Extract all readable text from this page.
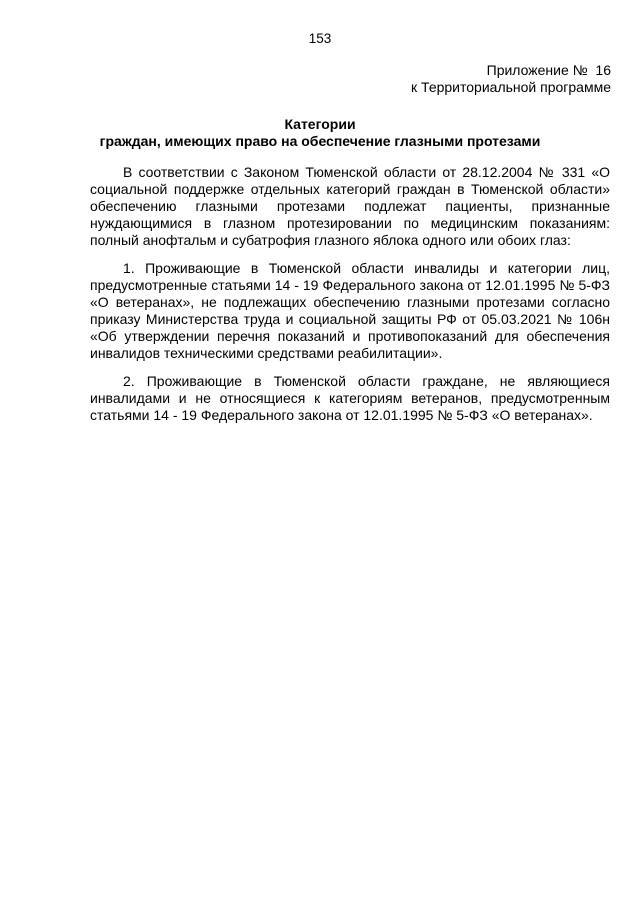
153
Приложение №  16
к Территориальной программе
Категории
граждан, имеющих право на обеспечение глазными протезами

В соответствии с Законом Тюменской области от 28.12.2004 № 331 «О социальной поддержке отдельных категорий граждан в Тюменской области» обеспечению глазными протезами подлежат пациенты, признанные нуждающимися в глазном протезировании по медицинским показаниям: полный анофтальм и субатрофия глазного яблока одного или обоих глаз:

1. Проживающие в Тюменской области инвалиды и категории лиц, предусмотренные статьями 14 - 19 Федерального закона от 12.01.1995 № 5-ФЗ «О ветеранах», не подлежащих обеспечению глазными протезами согласно приказу Министерства труда и социальной защиты РФ от 05.03.2021 № 106н «Об утверждении перечня показаний и противопоказаний для обеспечения инвалидов техническими средствами реабилитации».

2. Проживающие в Тюменской области граждане, не являющиеся инвалидами и не относящиеся к категориям ветеранов, предусмотренным статьями 14 - 19 Федерального закона от 12.01.1995 № 5-ФЗ «О ветеранах».
